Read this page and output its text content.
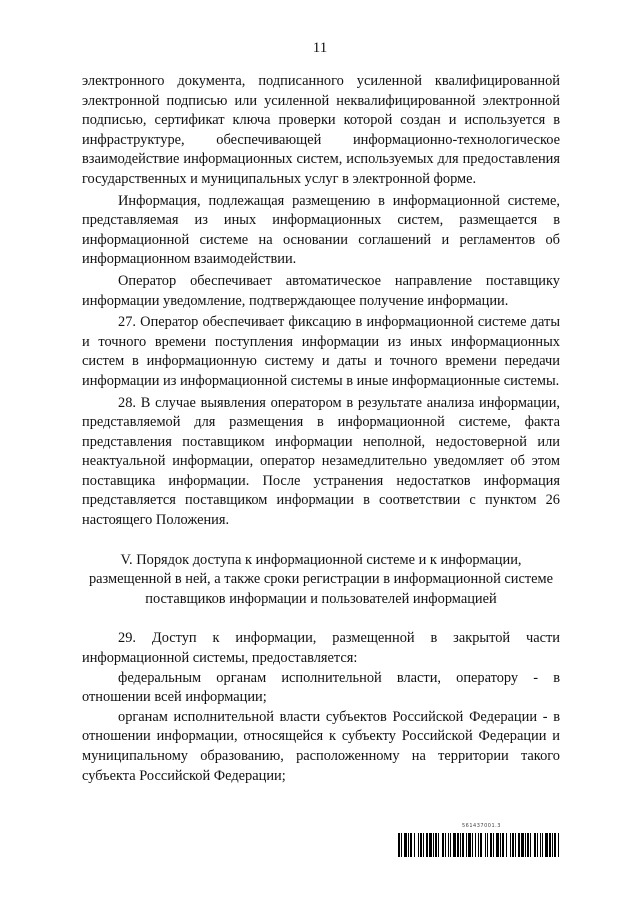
11

электронного документа, подписанного усиленной квалифицированной электронной подписью или усиленной неквалифицированной электронной подписью, сертификат ключа проверки которой создан и используется в инфраструктуре, обеспечивающей информационно-технологическое взаимодействие информационных систем, используемых для предоставления государственных и муниципальных услуг в электронной форме.

Информация, подлежащая размещению в информационной системе, представляемая из иных информационных систем, размещается в информационной системе на основании соглашений и регламентов об информационном взаимодействии.

Оператор обеспечивает автоматическое направление поставщику информации уведомление, подтверждающее получение информации.

27. Оператор обеспечивает фиксацию в информационной системе даты и точного времени поступления информации из иных информационных систем в информационную систему и даты и точного времени передачи информации из информационной системы в иные информационные системы.

28. В случае выявления оператором в результате анализа информации, представляемой для размещения в информационной системе, факта представления поставщиком информации неполной, недостоверной или неактуальной информации, оператор незамедлительно уведомляет об этом поставщика информации. После устранения недостатков информация представляется поставщиком информации в соответствии с пунктом 26 настоящего Положения.

V. Порядок доступа к информационной системе и к информации,
размещенной в ней, а также сроки регистрации в информационной системе
поставщиков информации и пользователей информацией

29. Доступ к информации, размещенной в закрытой части информационной системы, предоставляется:

федеральным органам исполнительной власти, оператору - в отношении всей информации;

органам исполнительной власти субъектов Российской Федерации - в отношении информации, относящейся к субъекту Российской Федерации и муниципальному образованию, расположенному на территории такого субъекта Российской Федерации;

561437001.3
